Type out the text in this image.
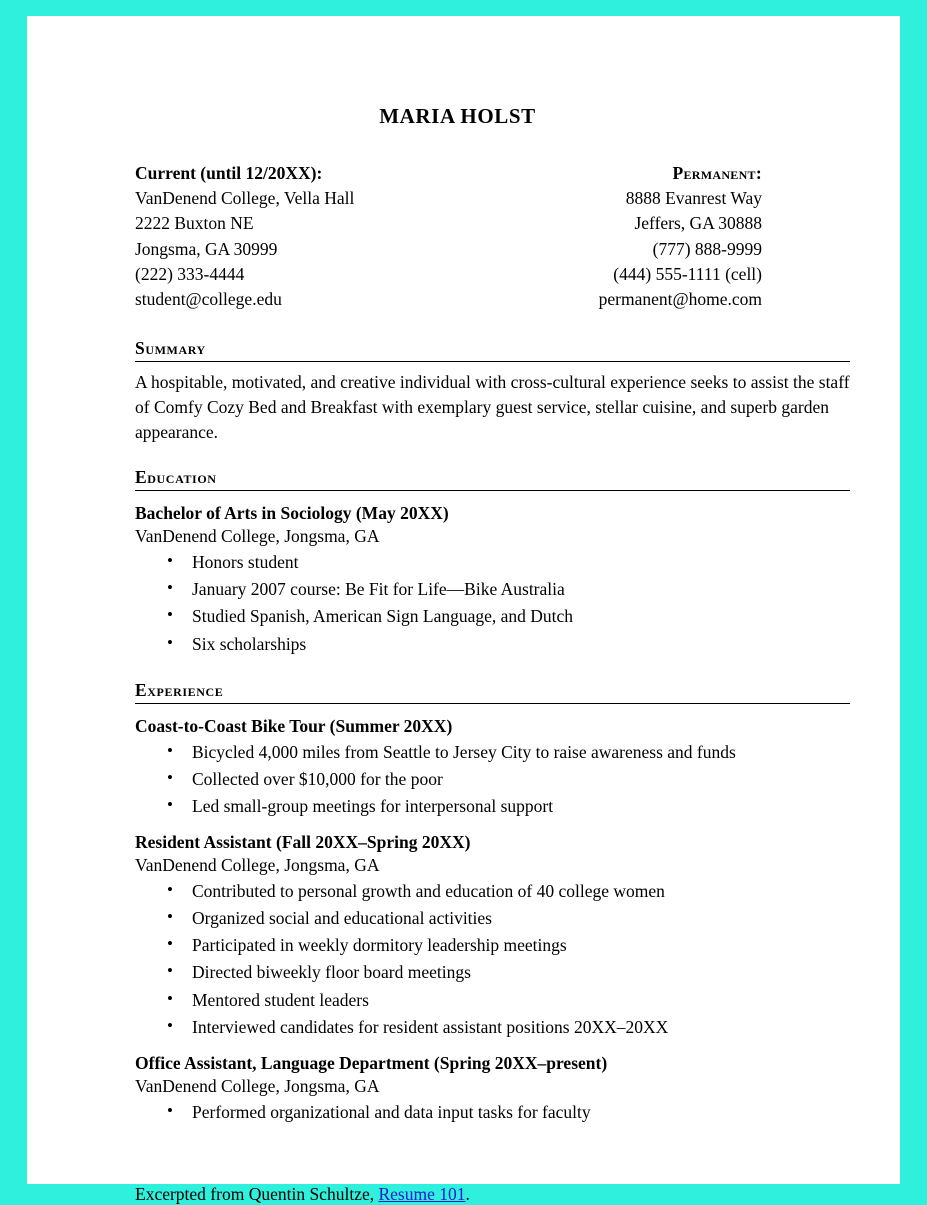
MARIA HOLST
Current (until 12/20XX):
VanDenend College, Vella Hall
2222 Buxton NE
Jongsma, GA 30999
(222) 333-4444
student@college.edu
Permanent:
8888 Evanrest Way
Jeffers, GA 30888
(777) 888-9999
(444) 555-1111 (cell)
permanent@home.com
Summary
A hospitable, motivated, and creative individual with cross-cultural experience seeks to assist the staff of Comfy Cozy Bed and Breakfast with exemplary guest service, stellar cuisine, and superb garden appearance.
Education
Bachelor of Arts in Sociology (May 20XX)
VanDenend College, Jongsma, GA
• Honors student
• January 2007 course: Be Fit for Life—Bike Australia
• Studied Spanish, American Sign Language, and Dutch
• Six scholarships
Experience
Coast-to-Coast Bike Tour (Summer 20XX)
• Bicycled 4,000 miles from Seattle to Jersey City to raise awareness and funds
• Collected over $10,000 for the poor
• Led small-group meetings for interpersonal support
Resident Assistant (Fall 20XX–Spring 20XX)
VanDenend College, Jongsma, GA
• Contributed to personal growth and education of 40 college women
• Organized social and educational activities
• Participated in weekly dormitory leadership meetings
• Directed biweekly floor board meetings
• Mentored student leaders
• Interviewed candidates for resident assistant positions 20XX–20XX
Office Assistant, Language Department (Spring 20XX–present)
VanDenend College, Jongsma, GA
• Performed organizational and data input tasks for faculty
Excerpted from Quentin Schultze, Resume 101.
